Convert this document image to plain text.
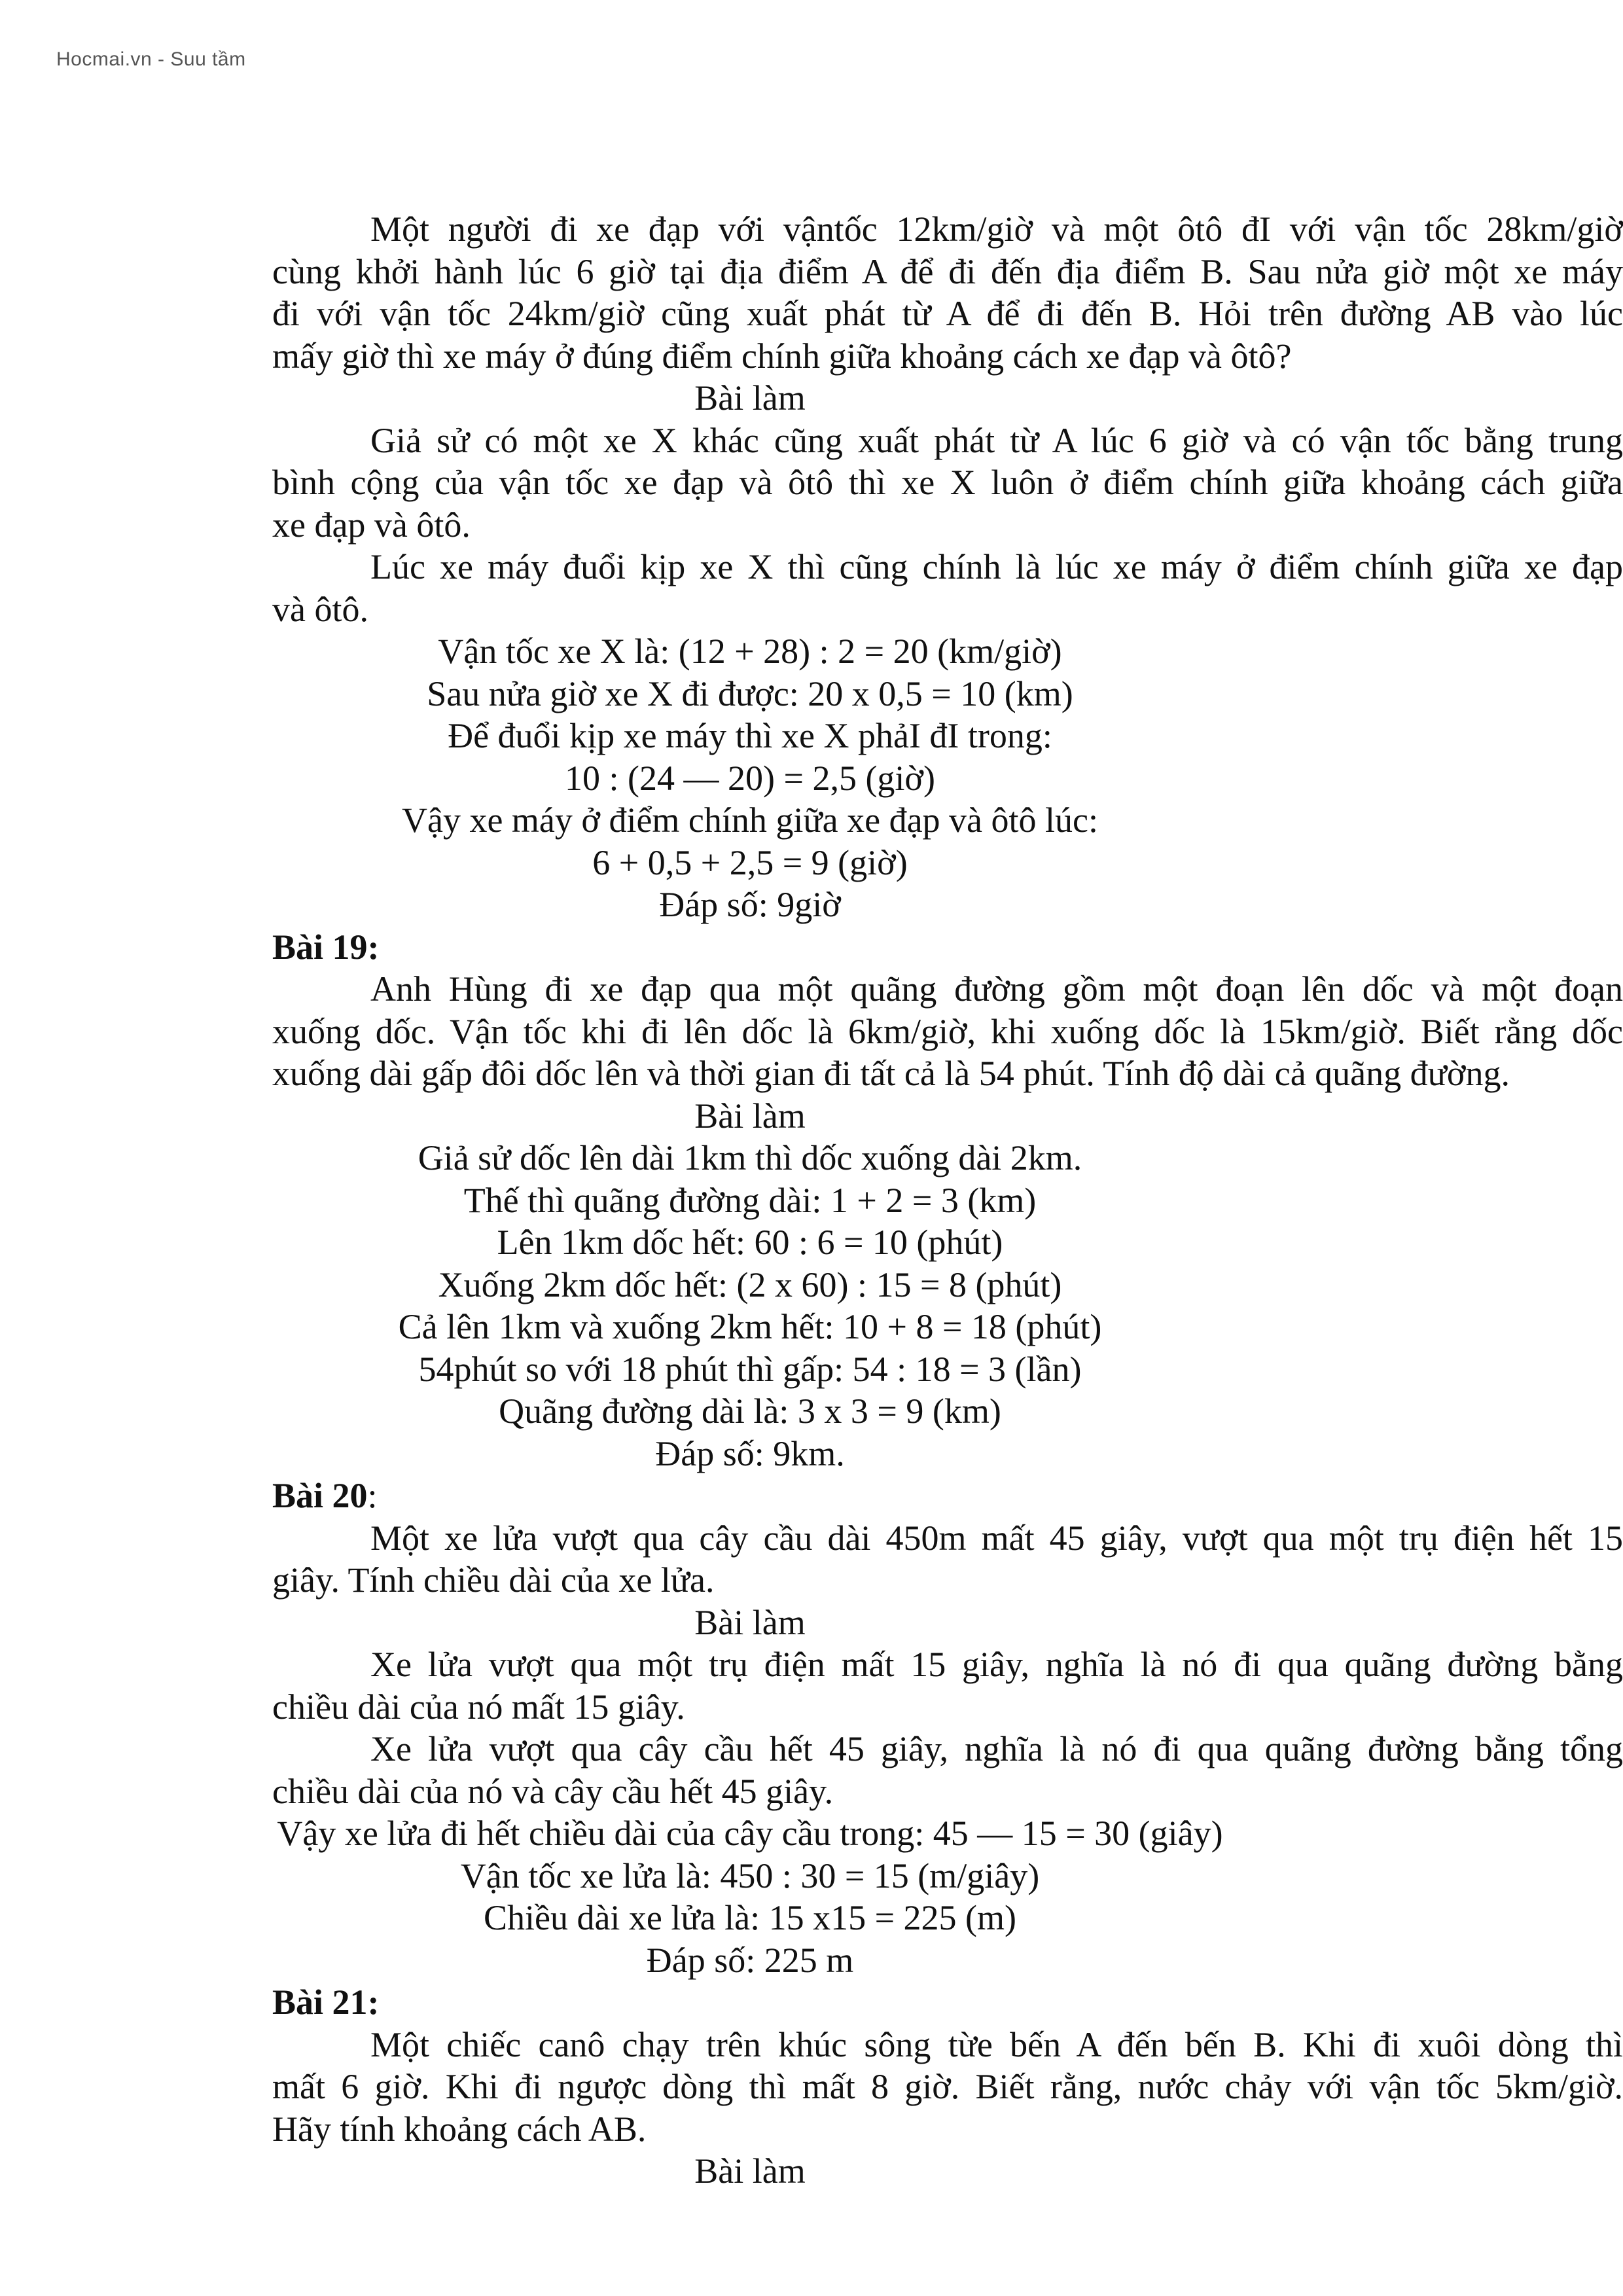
Hocmai.vn - Suu tầm
Một người đi xe đạp với vậntốc 12km/giờ và một ôtô đI với vận tốc 28km/giờ
cùng khởi hành lúc 6 giờ tại địa điểm A để đi đến địa điểm B. Sau nửa giờ một xe máy
đi với vận tốc 24km/giờ cũng xuất phát từ A để đi đến B. Hỏi trên đường AB vào lúc
mấy giờ thì xe máy ở đúng điểm chính giữa khoảng cách xe đạp và ôtô?
Bài làm
Giả sử có một xe X khác cũng xuất phát từ A lúc 6 giờ và có vận tốc bằng trung
bình cộng của vận tốc xe đạp và ôtô thì xe X luôn ở điểm chính giữa khoảng cách giữa
xe đạp và ôtô.
Lúc xe máy đuổi kịp xe X thì cũng chính là lúc xe máy ở điểm chính giữa xe đạp
và ôtô.
Vận tốc xe X là: (12 + 28) : 2 = 20 (km/giờ)
Sau nửa giờ xe X đi được: 20 x 0,5 = 10 (km)
Để đuổi kịp xe máy thì xe X phảI đI trong:
10 : (24 — 20) = 2,5 (giờ)
Vậy xe máy ở điểm chính giữa xe đạp và ôtô lúc:
6 + 0,5 + 2,5 = 9 (giờ)
Đáp số: 9giờ
Bài 19:
Anh Hùng đi xe đạp qua một quãng đường gồm một đoạn lên dốc và một đoạn
xuống dốc. Vận tốc khi đi lên dốc là 6km/giờ, khi xuống dốc là 15km/giờ. Biết rằng dốc
xuống dài gấp đôi dốc lên và thời gian đi tất cả là 54 phút. Tính độ dài cả quãng đường.
Bài làm
Giả sử dốc lên dài 1km thì dốc xuống dài 2km.
Thế thì quãng đường dài: 1 + 2 = 3 (km)
Lên 1km dốc hết: 60 : 6 = 10 (phút)
Xuống 2km dốc hết: (2 x 60) : 15 = 8 (phút)
Cả lên 1km và xuống 2km hết: 10 + 8 = 18 (phút)
54phút so với 18 phút thì gấp: 54 : 18 = 3 (lần)
Quãng đường dài là: 3 x 3 = 9 (km)
Đáp số: 9km.
Bài 20:
Một xe lửa vượt qua cây cầu dài 450m mất 45 giây, vượt qua một trụ điện hết 15
giây. Tính chiều dài của xe lửa.
Bài làm
Xe lửa vượt qua một trụ điện mất 15 giây, nghĩa là nó đi qua quãng đường bằng
chiều dài của nó mất 15 giây.
Xe lửa vượt qua cây cầu hết 45 giây, nghĩa là nó đi qua quãng đường bằng tổng
chiều dài của nó và cây cầu hết 45 giây.
Vậy xe lửa đi hết chiều dài của cây cầu trong: 45 — 15 = 30 (giây)
Vận tốc xe lửa là: 450 : 30 = 15 (m/giây)
Chiều dài xe lửa là: 15 x15 = 225 (m)
Đáp số: 225 m
Bài 21:
Một chiếc canô chạy trên khúc sông từe bến A đến bến B. Khi đi xuôi dòng thì
mất 6 giờ. Khi đi ngược dòng thì mất 8 giờ. Biết rằng, nước chảy với vận tốc 5km/giờ.
Hãy tính khoảng cách AB.
Bài làm
